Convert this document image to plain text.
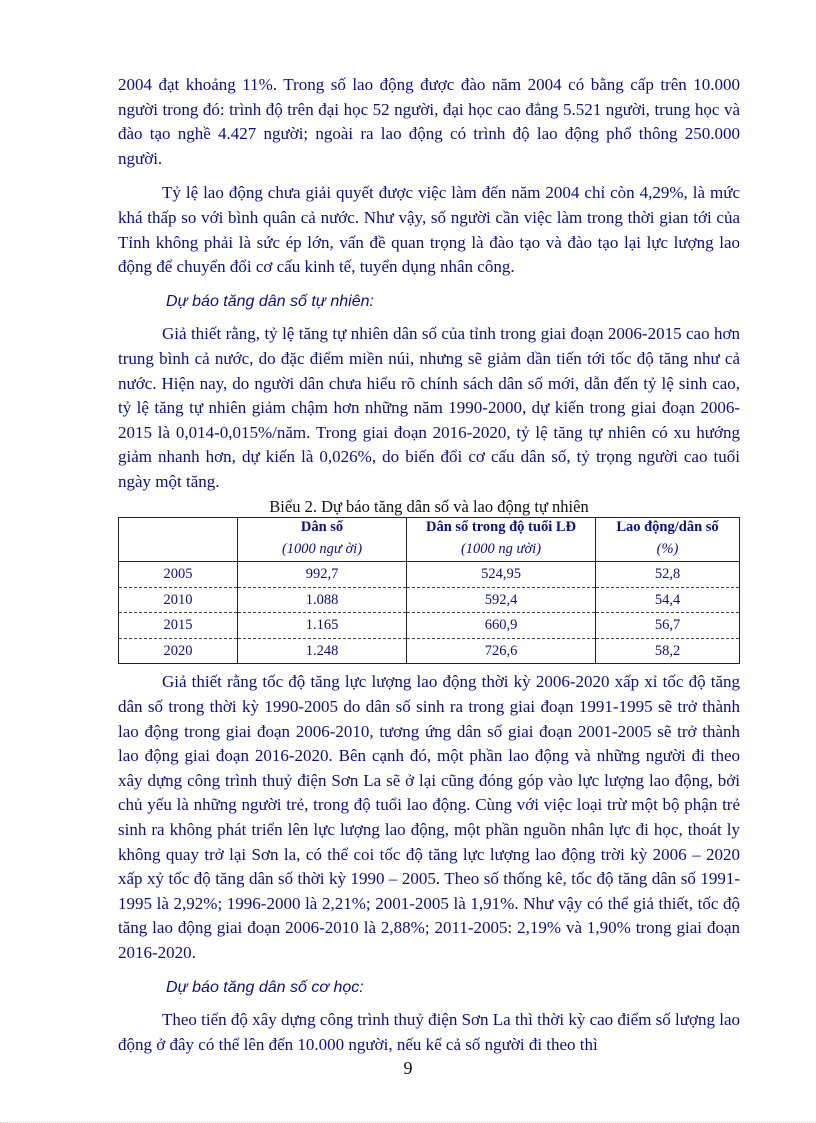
2004 đạt khoảng 11%. Trong số lao động được đào năm 2004 có bằng cấp trên 10.000 người trong đó: trình độ trên đại học 52 người, đại học cao đẳng 5.521 người, trung học và đào tạo nghề 4.427 người; ngoài ra lao động có trình độ lao động phổ thông 250.000 người.

Tỷ lệ lao động chưa giải quyết được việc làm đến năm 2004 chỉ còn 4,29%, là mức khá thấp so với bình quân cả nước. Như vậy, số người cần việc làm trong thời gian tới của Tỉnh không phải là sức ép lớn, vấn đề quan trọng là đào tạo và đào tạo lại lực lượng lao động để chuyển đổi cơ cấu kinh tế, tuyển dụng nhân công.

Dự báo tăng dân số tự nhiên:

Giả thiết rằng, tỷ lệ tăng tự nhiên dân số của tỉnh trong giai đoạn 2006-2015 cao hơn trung bình cả nước, do đặc điểm miền núi, nhưng sẽ giảm dần tiến tới tốc độ tăng như cả nước. Hiện nay, do người dân chưa hiểu rõ chính sách dân số mới, dẫn đến tỷ lệ sinh cao, tỷ lệ tăng tự nhiên giảm chậm hơn những năm 1990-2000, dự kiến trong giai đoạn 2006-2015 là 0,014-0,015%/năm. Trong giai đoạn 2016-2020, tỷ lệ tăng tự nhiên có xu hướng giảm nhanh hơn, dự kiến là 0,026%, do biến đổi cơ cấu dân số, tỷ trọng người cao tuổi ngày một tăng.

Biểu 2. Dự báo tăng dân số và lao động tự nhiên
	Dân số	Dân số trong độ tuổi LĐ	Lao động/dân số
	(1000 ngư ời)	(1000 ng ười)	(%)
2005	992,7	524,95	52,8
2010	1.088	592,4	54,4
2015	1.165	660,9	56,7
2020	1.248	726,6	58,2

Giả thiết rằng tốc độ tăng lực lượng lao động thời kỳ 2006-2020 xấp xỉ tốc độ tăng dân số trong thời kỳ 1990-2005 do dân số sinh ra trong giai đoạn 1991-1995 sẽ trở thành lao động trong giai đoạn 2006-2010, tương ứng dân số giai đoạn 2001-2005 sẽ trở thành lao động giai đoạn 2016-2020. Bên cạnh đó, một phần lao động và những người đi theo xây dựng công trình thuỷ điện Sơn La sẽ ở lại cũng đóng góp vào lực lượng lao động, bởi chủ yếu là những người trẻ, trong độ tuổi lao động. Cùng với việc loại trừ một bộ phận trẻ sinh ra không phát triển lên lực lượng lao động, một phần nguồn nhân lực đi học, thoát ly không quay trở lại Sơn la, có thể coi tốc độ tăng lực lượng lao động trời kỳ 2006 – 2020 xấp xỷ tốc độ tăng dân số thời kỳ 1990 – 2005. Theo số thống kê, tốc độ tăng dân số 1991-1995 là 2,92%; 1996-2000 là 2,21%; 2001-2005 là 1,91%. Như vậy có thể giả thiết, tốc độ tăng lao động giai đoạn 2006-2010 là 2,88%; 2011-2005: 2,19% và 1,90% trong giai đoạn 2016-2020.

Dự báo tăng dân số cơ học:

Theo tiến độ xây dựng công trình thuỷ điện Sơn La thì thời kỳ cao điểm số lượng lao động ở đây có thể lên đến 10.000 người, nếu kể cả số người đi theo thì

9
